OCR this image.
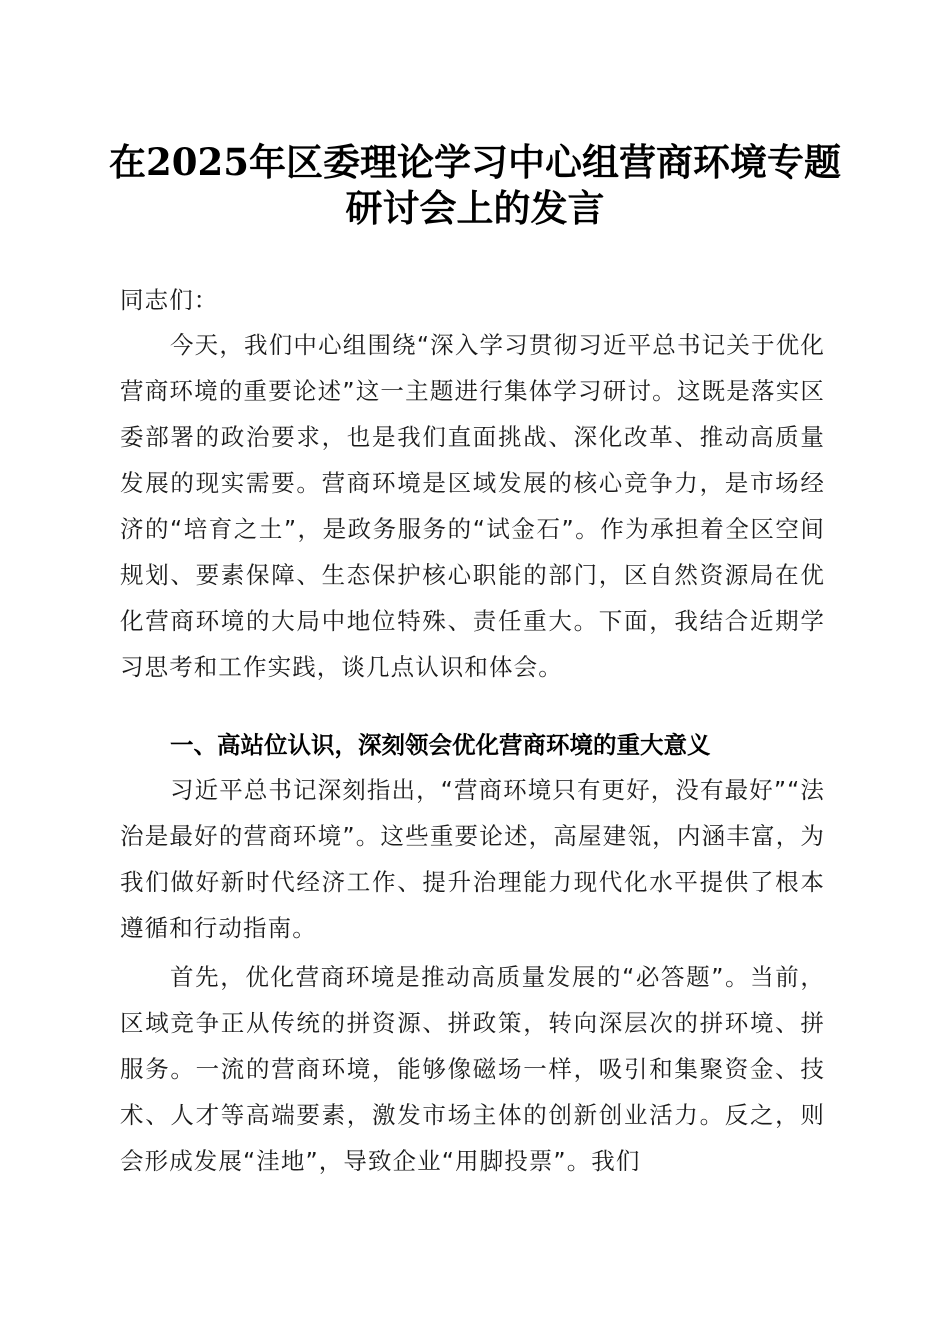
在2025年区委理论学习中心组营商环境专题
研讨会上的发言
同志们：
今天，我们中心组围绕“深入学习贯彻习近平总书记关于优化营商环境的重要论述”这一主题进行集体学习研讨。这既是落实区委部署的政治要求，也是我们直面挑战、深化改革、推动高质量发展的现实需要。营商环境是区域发展的核心竞争力，是市场经济的“培育之土”，是政务服务的“试金石”。作为承担着全区空间规划、要素保障、生态保护核心职能的部门，区自然资源局在优化营商环境的大局中地位特殊、责任重大。下面，我结合近期学习思考和工作实践，谈几点认识和体会。
一、高站位认识，深刻领会优化营商环境的重大意义
习近平总书记深刻指出，“营商环境只有更好，没有最好”“法治是最好的营商环境”。这些重要论述，高屋建瓴，内涵丰富，为我们做好新时代经济工作、提升治理能力现代化水平提供了根本遵循和行动指南。
首先，优化营商环境是推动高质量发展的“必答题”。当前，区域竞争正从传统的拼资源、拼政策，转向深层次的拼环境、拼服务。一流的营商环境，能够像磁场一样，吸引和集聚资金、技术、人才等高端要素，激发市场主体的创新创业活力。反之，则会形成发展“洼地”，导致企业“用脚投票”。我们
